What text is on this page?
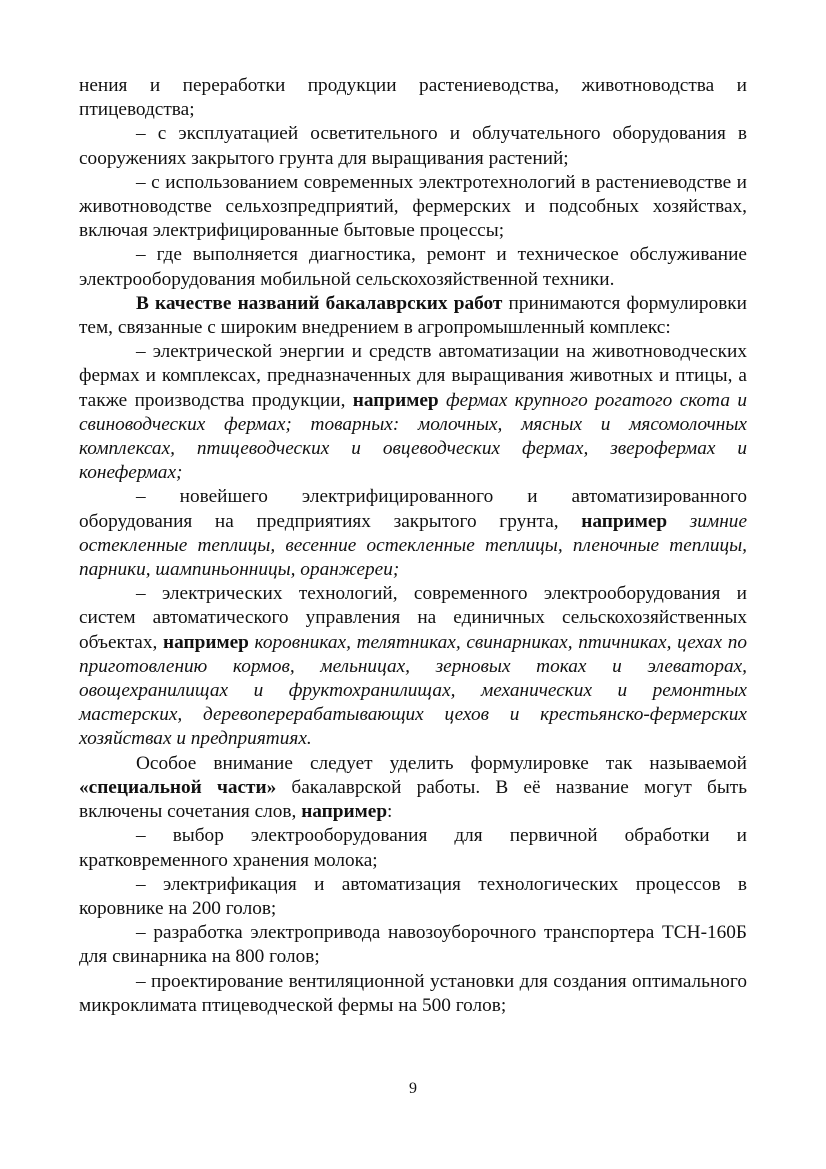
нения и переработки продукции растениеводства, животноводства и птицеводства;

– с эксплуатацией осветительного и облучательного оборудования в сооружениях закрытого грунта для выращивания растений;

– с использованием современных электротехнологий в растениеводстве и животноводстве сельхозпредприятий, фермерских и подсобных хозяйствах, включая электрифицированные бытовые процессы;

– где выполняется диагностика, ремонт и техническое обслуживание электрооборудования мобильной сельскохозяйственной техники.

В качестве названий бакалаврских работ принимаются формулировки тем, связанные с широким внедрением в агропромышленный комплекс:

– электрической энергии и средств автоматизации на животноводческих фермах и комплексах, предназначенных для выращивания животных и птицы, а также производства продукции, например фермах крупного рогатого скота и свиноводческих фермах; товарных: молочных, мясных и мясомолочных комплексах, птицеводческих и овцеводческих фермах, зверофермах и конефермах;

– новейшего электрифицированного и автоматизированного оборудования на предприятиях закрытого грунта, например зимние остекленные теплицы, весенние остекленные теплицы, пленочные теплицы, парники, шампиньонницы, оранжереи;

– электрических технологий, современного электрооборудования и систем автоматического управления на единичных сельскохозяйственных объектах, например коровниках, телятниках, свинарниках, птичниках, цехах по приготовлению кормов, мельницах, зерновых токах и элеваторах, овощехранилищах и фруктохранилищах, механических и ремонтных мастерских, деревоперерабатывающих цехов и крестьянско-фермерских хозяйствах и предприятиях.

Особое внимание следует уделить формулировке так называемой «специальной части» бакалаврской работы. В её название могут быть включены сочетания слов, например:

– выбор электрооборудования для первичной обработки и кратковременного хранения молока;

– электрификация и автоматизация технологических процессов в коровнике на 200 голов;

– разработка электропривода навозоуборочного транспортера ТСН-160Б для свинарника на 800 голов;

– проектирование вентиляционной установки для создания оптимального микроклимата птицеводческой фермы на 500 голов;

9
